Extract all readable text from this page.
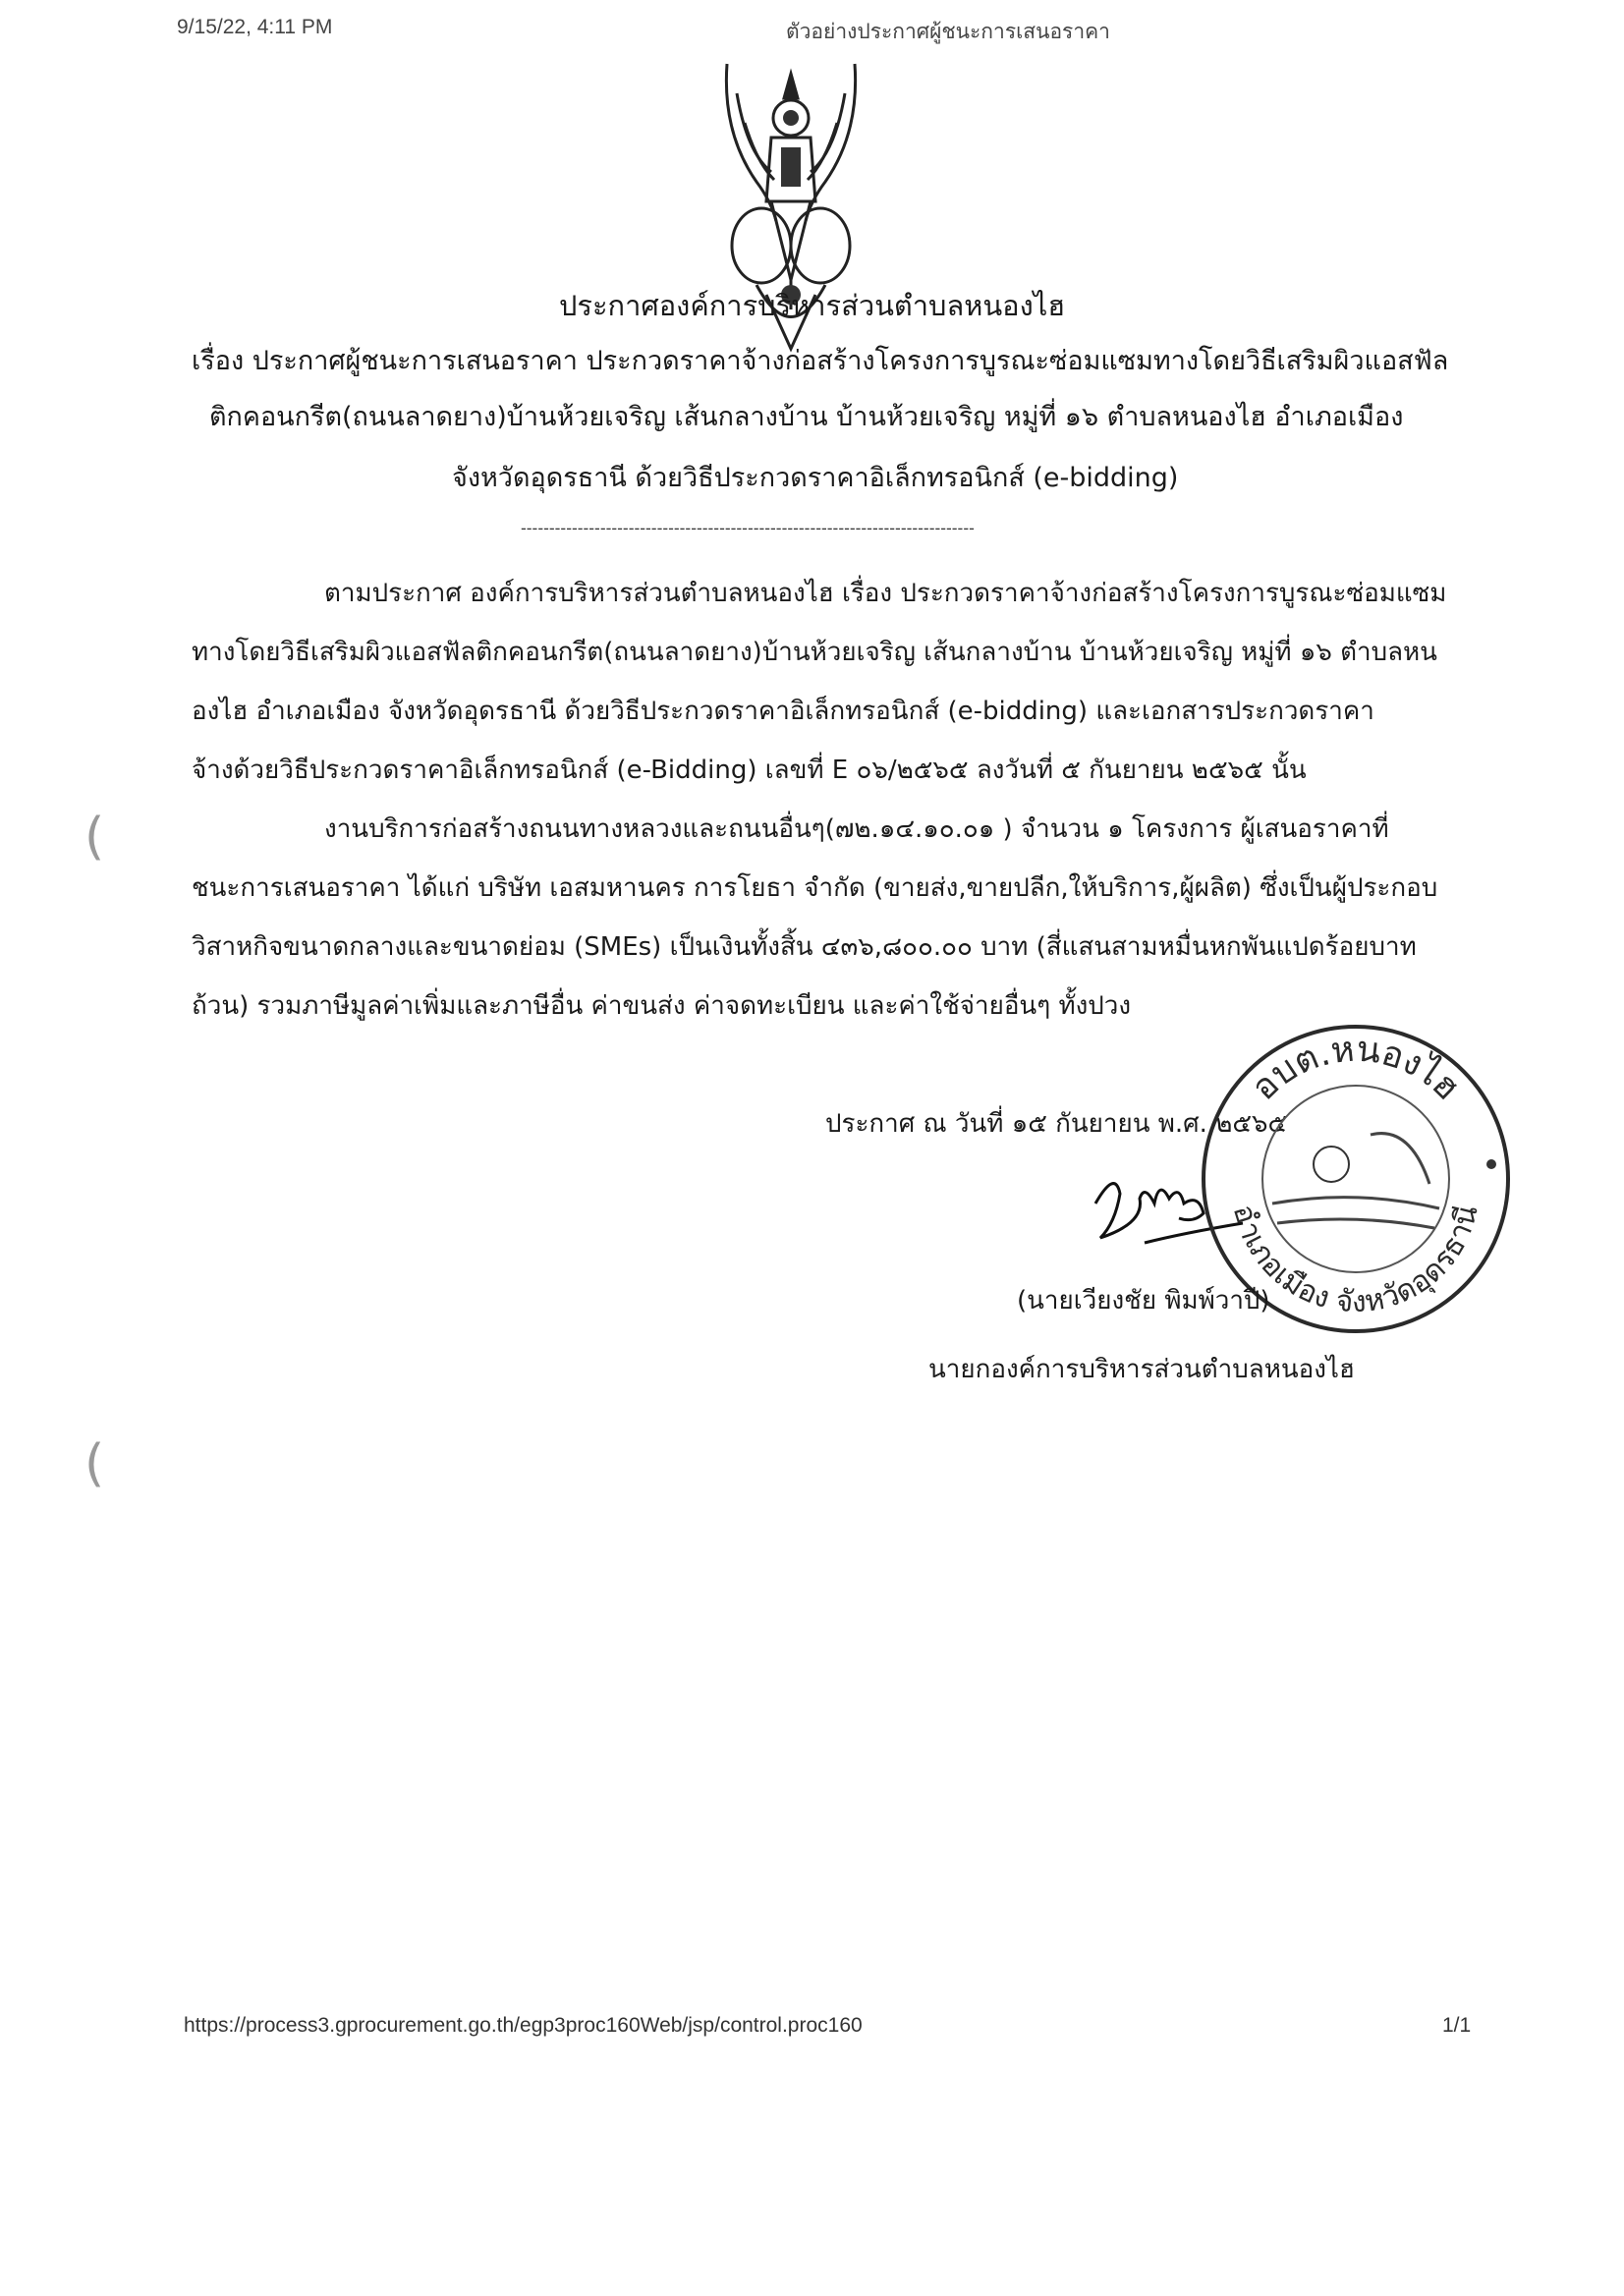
9/15/22, 4:11 PM	ตัวอย่างประกาศผู้ชนะการเสนอราคา
ประกาศองค์การบริหารส่วนตำบลหนองไฮ
เรื่อง ประกาศผู้ชนะการเสนอราคา ประกวดราคาจ้างก่อสร้างโครงการบูรณะซ่อมแซมทางโดยวิธีเสริมผิวแอสฟัล
ติกคอนกรีต(ถนนลาดยาง)บ้านห้วยเจริญ เส้นกลางบ้าน บ้านห้วยเจริญ หมู่ที่ ๑๖ ตำบลหนองไฮ อำเภอเมือง
จังหวัดอุดรธานี ด้วยวิธีประกวดราคาอิเล็กทรอนิกส์ (e-bidding)
--------------------------------------------------------------------------------
ตามประกาศ องค์การบริหารส่วนตำบลหนองไฮ เรื่อง ประกวดราคาจ้างก่อสร้างโครงการบูรณะซ่อมแซม
ทางโดยวิธีเสริมผิวแอสฟัลติกคอนกรีต(ถนนลาดยาง)บ้านห้วยเจริญ เส้นกลางบ้าน บ้านห้วยเจริญ หมู่ที่ ๑๖ ตำบลหน
องไฮ อำเภอเมือง จังหวัดอุดรธานี ด้วยวิธีประกวดราคาอิเล็กทรอนิกส์ (e-bidding) และเอกสารประกวดราคา
จ้างด้วยวิธีประกวดราคาอิเล็กทรอนิกส์ (e-Bidding) เลขที่ E ๐๖/๒๕๖๕ ลงวันที่ ๕ กันยายน ๒๕๖๕ นั้น
งานบริการก่อสร้างถนนทางหลวงและถนนอื่นๆ(๗๒.๑๔.๑๐.๐๑ ) จำนวน ๑ โครงการ ผู้เสนอราคาที่
ชนะการเสนอราคา ได้แก่ บริษัท เอสมหานคร การโยธา จำกัด (ขายส่ง,ขายปลีก,ให้บริการ,ผู้ผลิต) ซึ่งเป็นผู้ประกอบ
วิสาหกิจขนาดกลางและขนาดย่อม (SMEs) เป็นเงินทั้งสิ้น ๔๓๖,๘๐๐.๐๐ บาท (สี่แสนสามหมื่นหกพันแปดร้อยบาท
ถ้วน) รวมภาษีมูลค่าเพิ่มและภาษีอื่น ค่าขนส่ง ค่าจดทะเบียน และค่าใช้จ่ายอื่นๆ ทั้งปวง
ประกาศ ณ วันที่ ๑๕ กันยายน พ.ศ. ๒๕๖๕
อบต.หนองไฮ
อำเภอเมือง จังหวัดอุดรธานี
(นายเวียงชัย พิมพ์วาปี)
นายกองค์การบริหารส่วนตำบลหนองไฮ
(
(
https://process3.gprocurement.go.th/egp3proc160Web/jsp/control.proc160	1/1
